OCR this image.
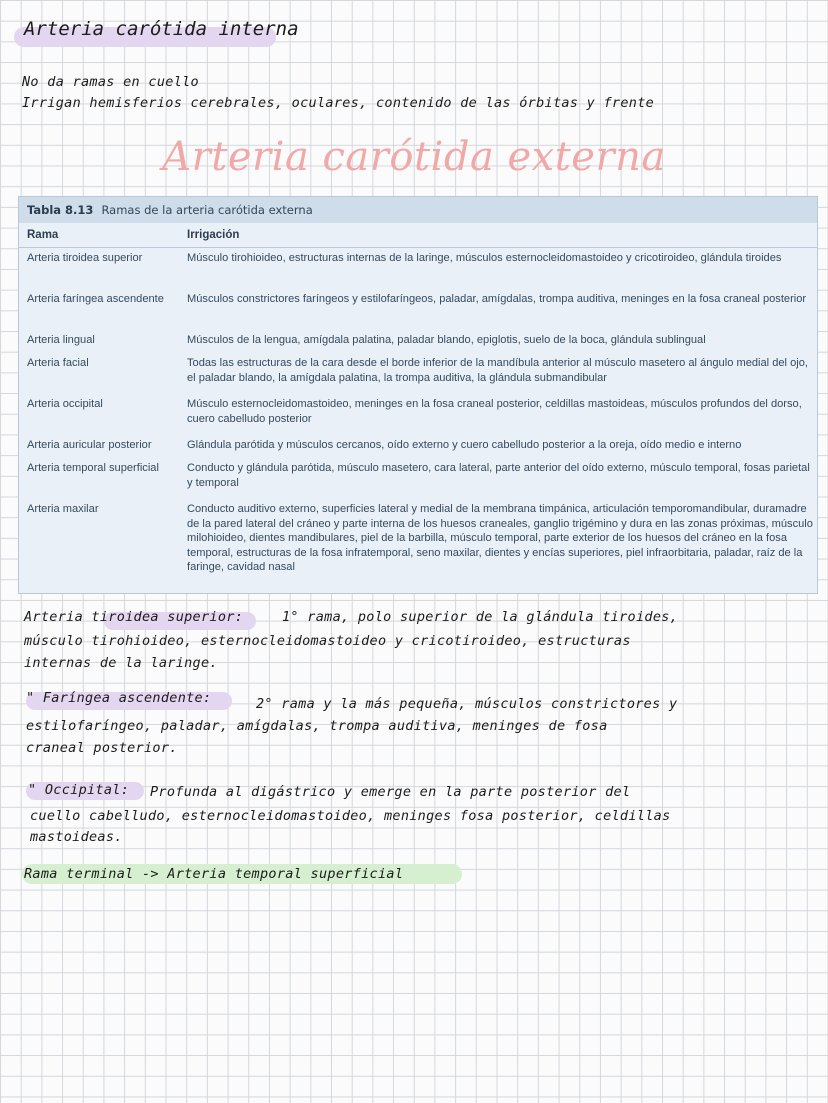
Arteria carótida interna
No da ramas en cuello
Irrigan hemisferios cerebrales, oculares, contenido de las órbitas y frente
Arteria carótida externa
Tabla 8.13 Ramas de la arteria carótida externa
Rama	Irrigación
Arteria tiroidea superior	Músculo tirohioideo, estructuras internas de la laringe, músculos esternocleidomastoideo y cricotiroideo, glándula tiroides
Arteria faríngea ascendente	Músculos constrictores faríngeos y estilofaríngeos, paladar, amígdalas, trompa auditiva, meninges en la fosa craneal posterior
Arteria lingual	Músculos de la lengua, amígdala palatina, paladar blando, epiglotis, suelo de la boca, glándula sublingual
Arteria facial	Todas las estructuras de la cara desde el borde inferior de la mandíbula anterior al músculo masetero al ángulo medial del ojo, el paladar blando, la amígdala palatina, la trompa auditiva, la glándula submandibular
Arteria occipital	Músculo esternocleidomastoideo, meninges en la fosa craneal posterior, celdillas mastoideas, músculos profundos del dorso, cuero cabelludo posterior
Arteria auricular posterior	Glándula parótida y músculos cercanos, oído externo y cuero cabelludo posterior a la oreja, oído medio e interno
Arteria temporal superficial	Conducto y glándula parótida, músculo masetero, cara lateral, parte anterior del oído externo, músculo temporal, fosas parietal y temporal
Arteria maxilar	Conducto auditivo externo, superficies lateral y medial de la membrana timpánica, articulación temporomandibular, duramadre de la pared lateral del cráneo y parte interna de los huesos craneales, ganglio trigémino y dura en las zonas próximas, músculo milohioideo, dientes mandibulares, piel de la barbilla, músculo temporal, parte exterior de los huesos del cráneo en la fosa temporal, estructuras de la fosa infratemporal, seno maxilar, dientes y encías superiores, piel infraorbitaria, paladar, raíz de la faringe, cavidad nasal
Arteria tiroidea superior:	1° rama, polo superior de la glándula tiroides,
músculo tirohioideo, esternocleidomastoideo y cricotiroideo, estructuras
internas de la laringe.
" Faríngea ascendente:	2° rama y la más pequeña, músculos constrictores y
estilofaríngeo, paladar, amígdalas, trompa auditiva, meninges de fosa
craneal posterior.
" Occipital: Profunda al digástrico y emerge en la parte posterior del
cuello cabelludo, esternocleidomastoideo, meninges fosa posterior, celdillas
mastoideas.
Rama terminal -> Arteria temporal superficial
